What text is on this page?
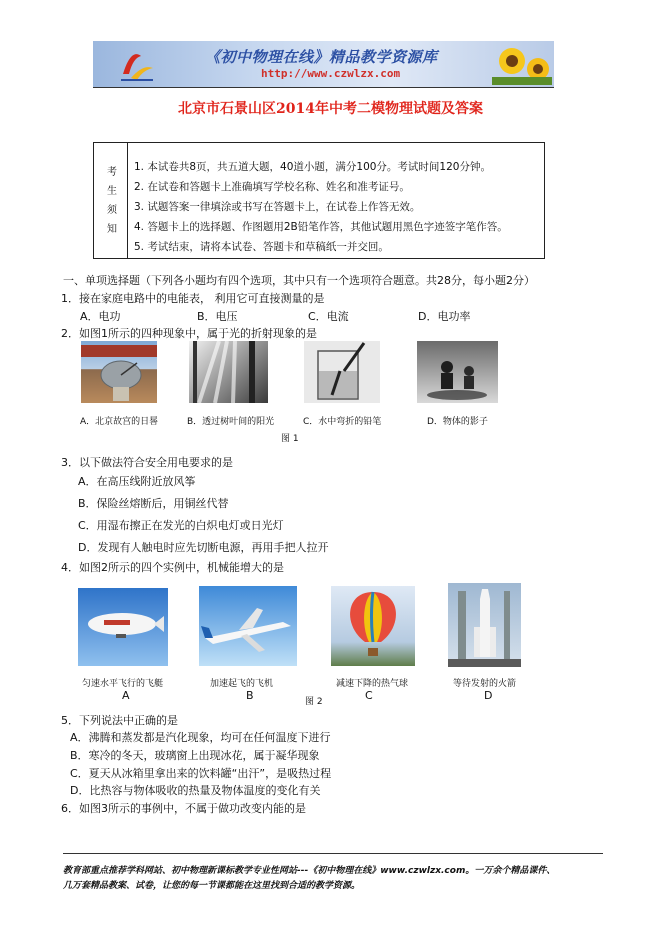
《初中物理在线》精品教学资源库
http://www.czwlzx.com
北京市石景山区2014年中考二模物理试题及答案
考
生
须
知
1. 本试卷共8页，共五道大题，40道小题，满分100分。考试时间120分钟。
2. 在试卷和答题卡上准确填写学校名称、姓名和准考证号。
3. 试题答案一律填涂或书写在答题卡上，在试卷上作答无效。
4. 答题卡上的选择题、作图题用2B铅笔作答，其他试题用黑色字迹签字笔作答。
5. 考试结束，请将本试卷、答题卡和草稿纸一并交回。
一、单项选择题（下列各小题均有四个选项，其中只有一个选项符合题意。共28分，每小题2分）
1．接在家庭电路中的电能表， 利用它可直接测量的是
A．电功	B．电压	C．电流	D．电功率
2．如图1所示的四种现象中，属于光的折射现象的是
A．北京故宫的日晷	B．透过树叶间的阳光	C．水中弯折的铅笔	D．物体的影子
图 1
3．以下做法符合安全用电要求的是
A．在高压线附近放风筝
B．保险丝熔断后，用铜丝代替
C．用湿布擦正在发光的白炽电灯或日光灯
D．发现有人触电时应先切断电源，再用手把人拉开
4．如图2所示的四个实例中，机械能增大的是
匀速水平飞行的飞艇	加速起飞的飞机	减速下降的热气球	等待发射的火箭
A	B	C	D
图 2
5．下列说法中正确的是
A．沸腾和蒸发都是汽化现象，均可在任何温度下进行
B．寒冷的冬天，玻璃窗上出现冰花，属于凝华现象
C．夏天从冰箱里拿出来的饮料罐“出汗”，是吸热过程
D．比热容与物体吸收的热量及物体温度的变化有关
6．如图3所示的事例中，不属于做功改变内能的是
教育部重点推荐学科网站、初中物理新课标教学专业性网站---《初中物理在线》www.czwlzx.com。一万余个精品课件、
几万套精品教案、试卷，让您的每一节课都能在这里找到合适的教学资源。
